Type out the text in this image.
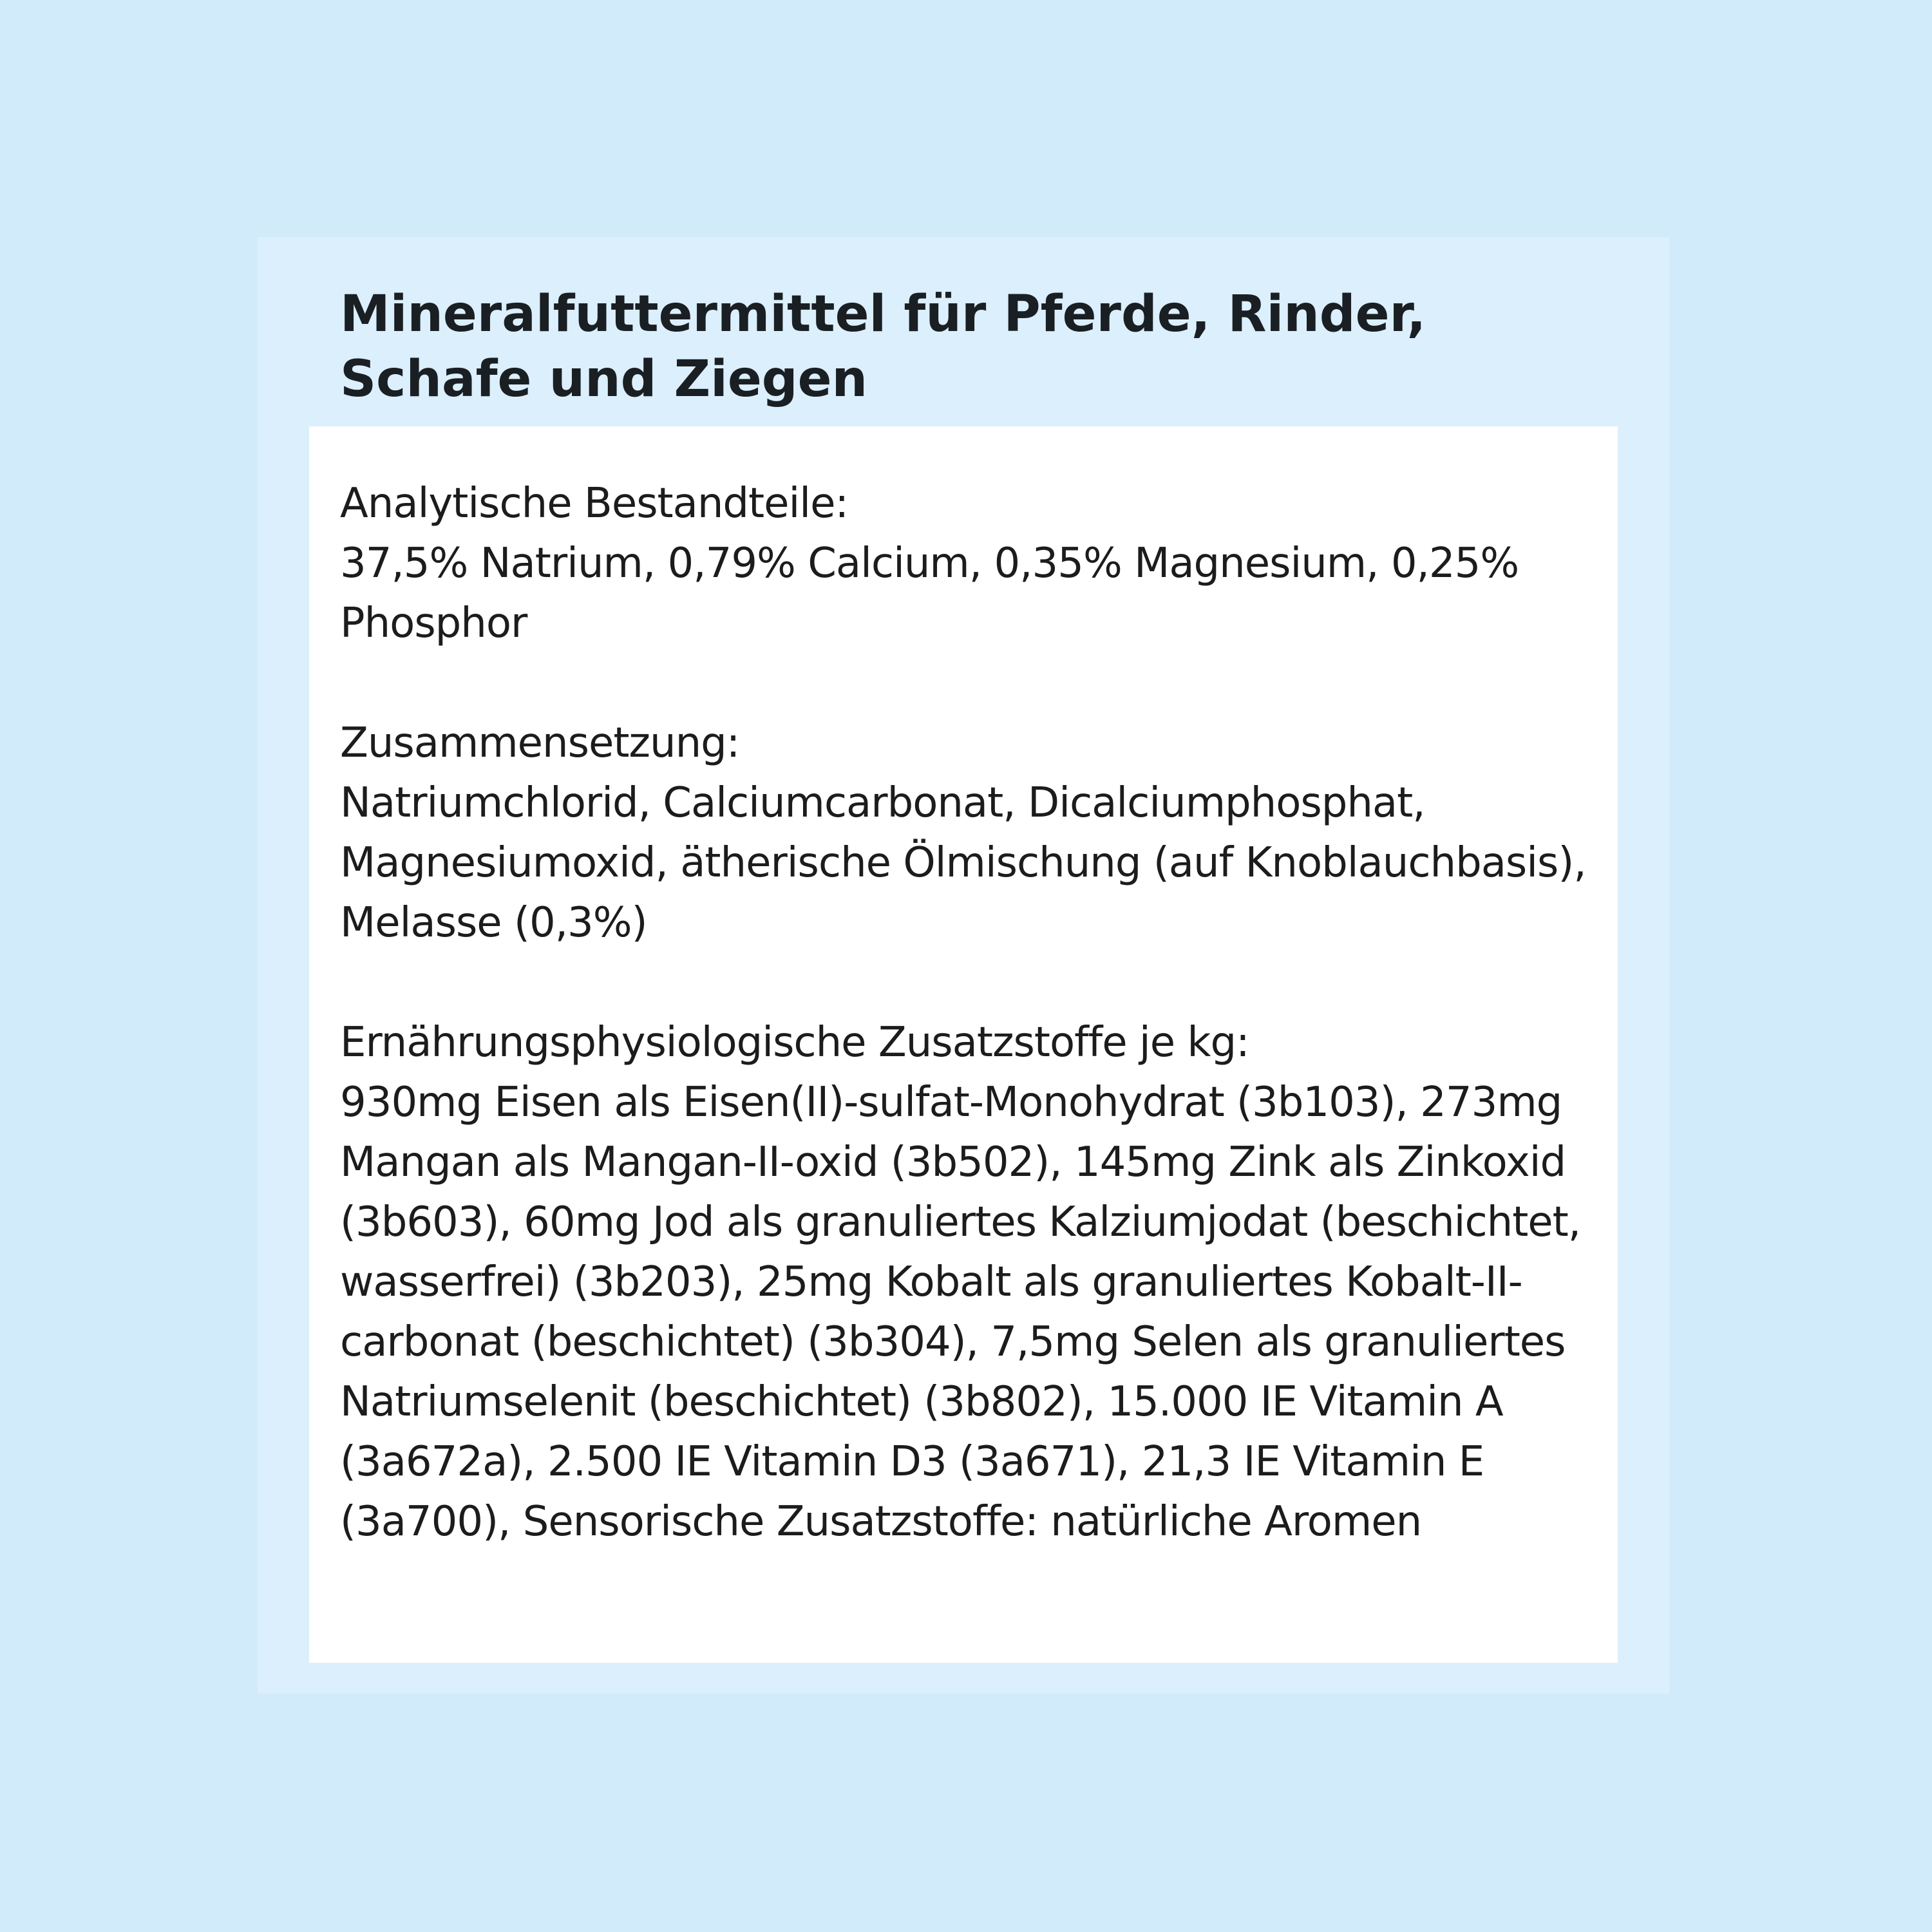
Mineralfuttermittel für Pferde, Rinder, Schafe und Ziegen

Analytische Bestandteile:

37,5% Natrium, 0,79% Calcium, 0,35% Magnesium, 0,25% Phosphor

Zusammensetzung:

Natriumchlorid, Calciumcarbonat, Dicalciumphosphat, Magnesiumoxid, ätherische Ölmischung (auf Knoblauchbasis), Melasse (0,3%)

Ernährungsphysiologische Zusatzstoffe je kg:

930mg Eisen als Eisen(II)-sulfat-Monohydrat (3b103), 273mg Mangan als Mangan-II-oxid (3b502), 145mg Zink als Zinkoxid (3b603), 60mg Jod als granuliertes Kalziumjodat (beschichtet, wasserfrei) (3b203), 25mg Kobalt als granuliertes Kobalt-II-carbonat (beschichtet) (3b304), 7,5mg Selen als granuliertes Natriumselenit (beschichtet) (3b802), 15.000 IE Vitamin A (3a672a), 2.500 IE Vitamin D3 (3a671), 21,3 IE Vitamin E (3a700), Sensorische Zusatzstoffe: natürliche Aromen
